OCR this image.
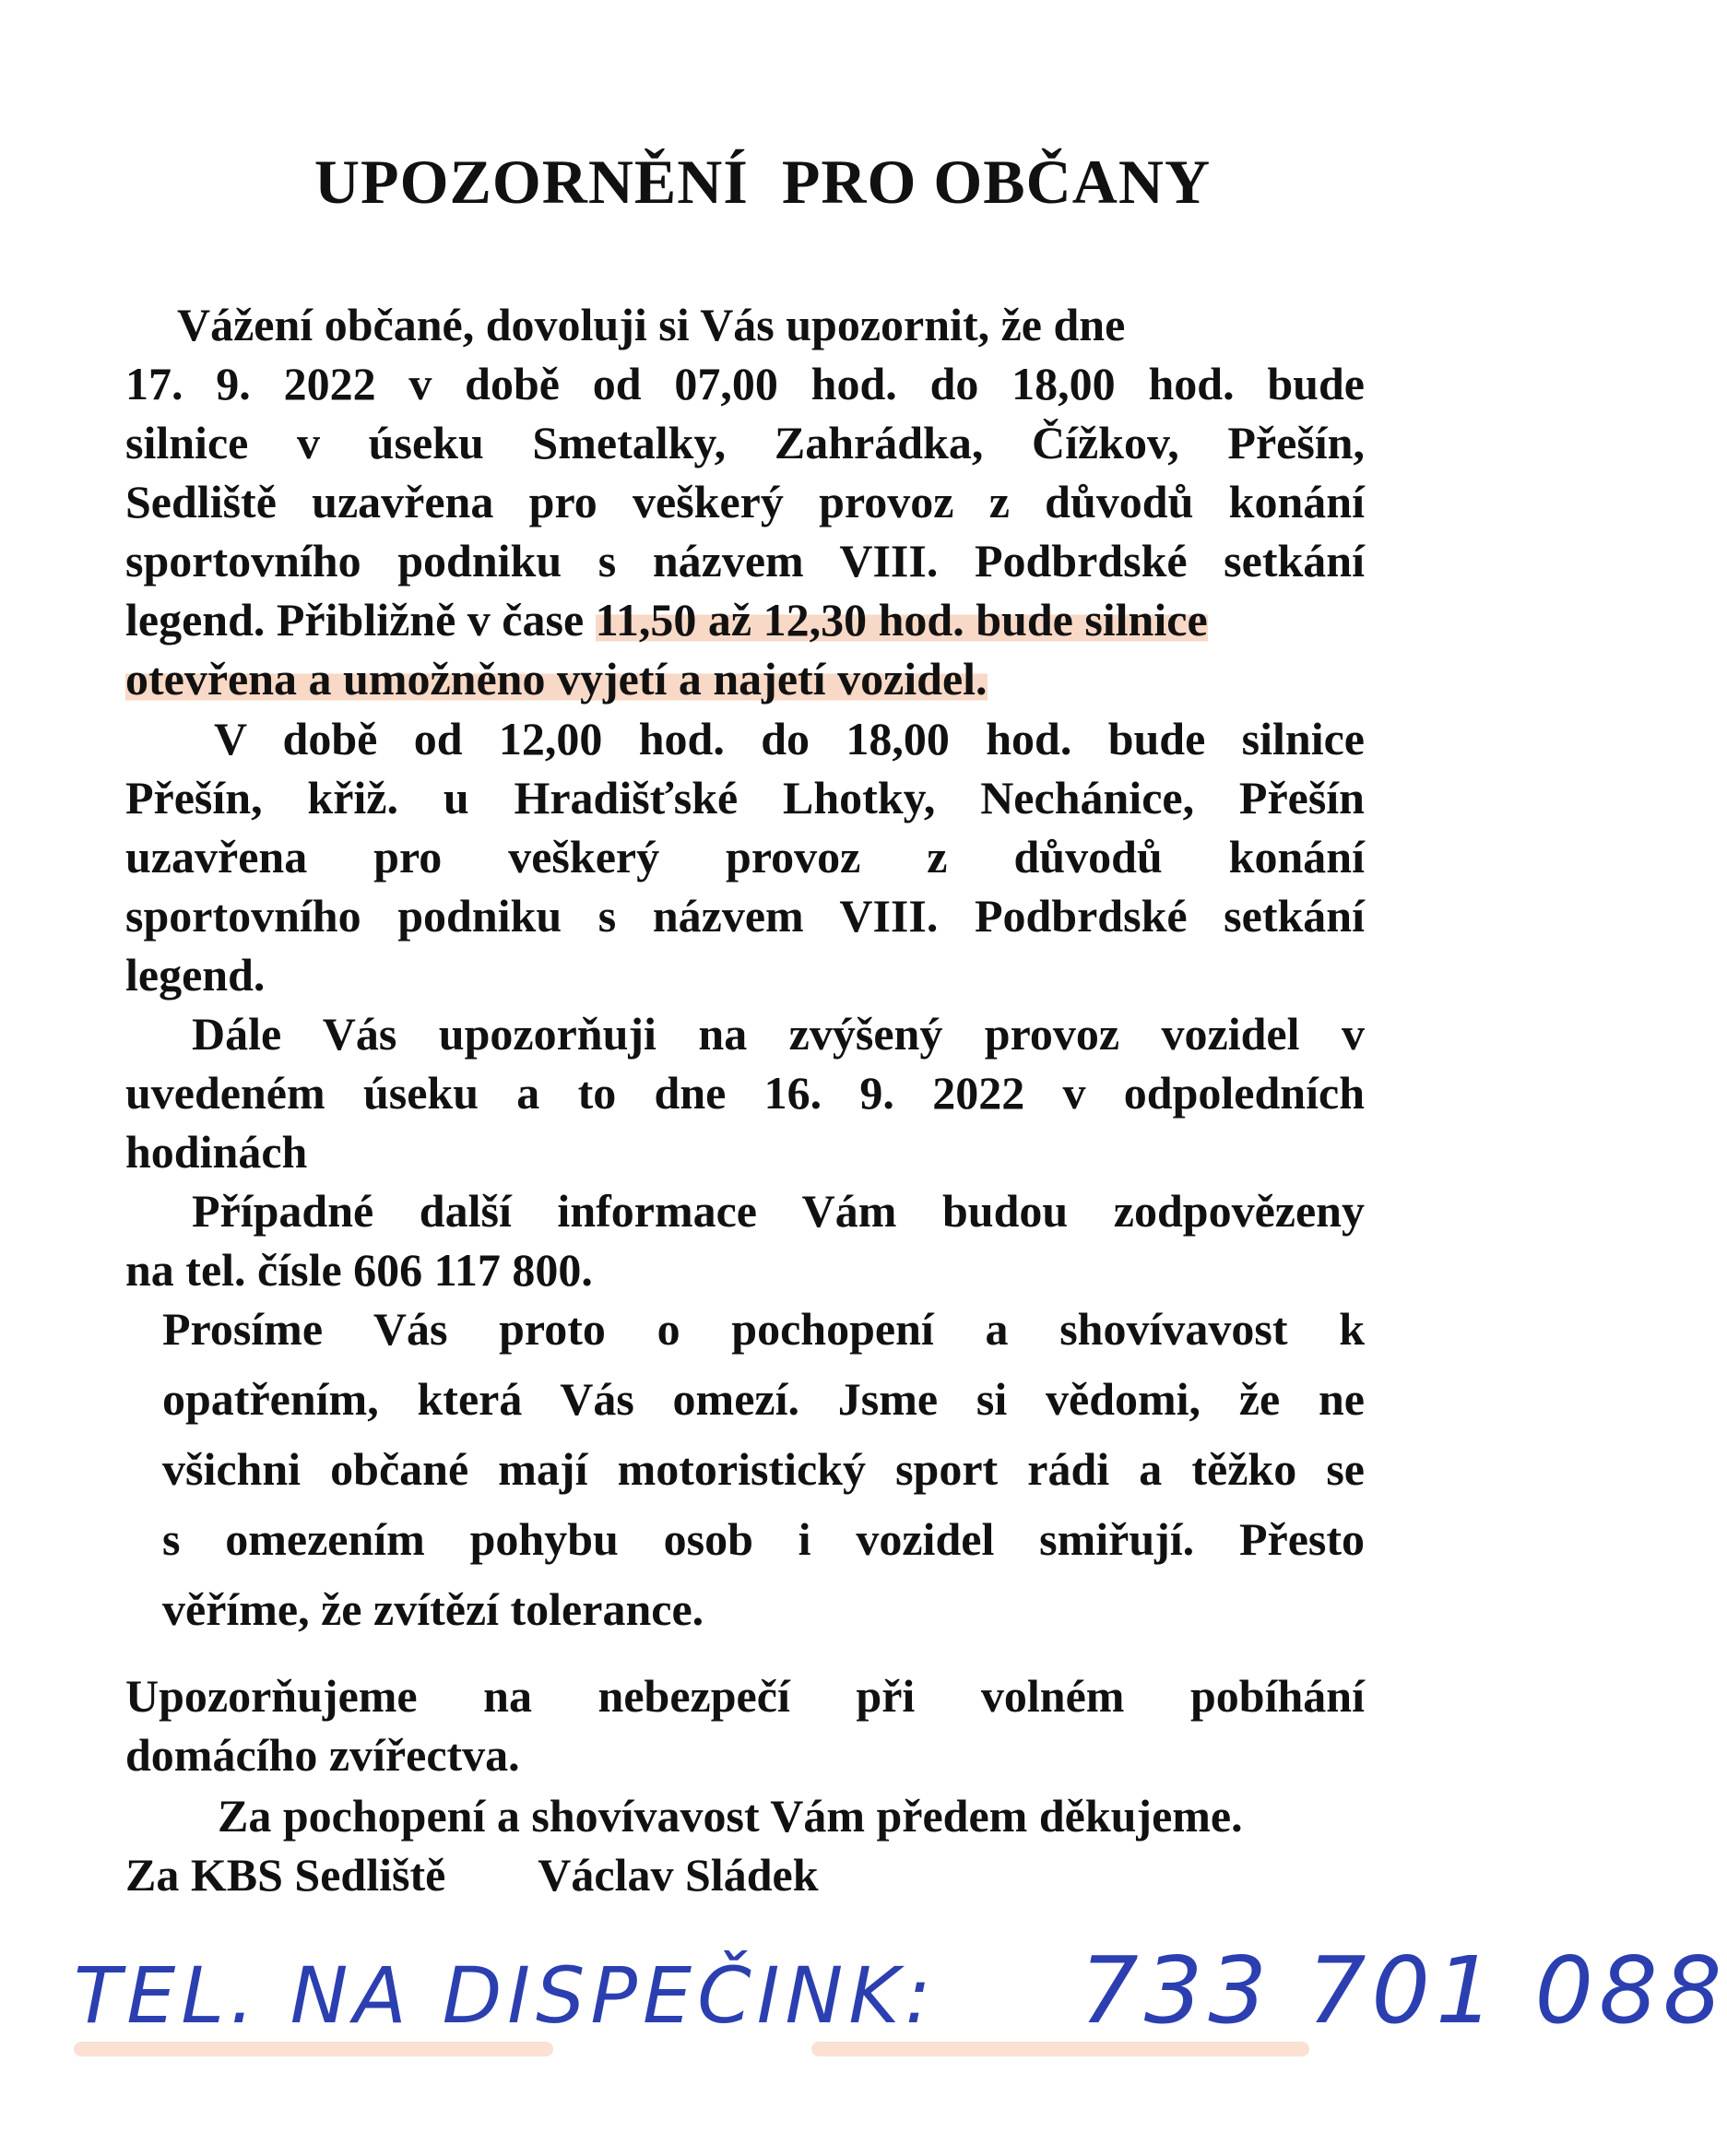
UPOZORNĚNÍ  PRO OBČANY
Vážení občané, dovoluji si Vás upozornit, že dne
17. 9. 2022 v době od 07,00 hod. do 18,00 hod. bude
silnice v úseku Smetalky, Zahrádka, Čížkov, Přešín,
Sedliště uzavřena pro veškerý provoz z důvodů konání
sportovního podniku s názvem VIII. Podbrdské setkání
legend. Přibližně v čase 11,50 až 12,30 hod. bude silnice
otevřena a umožněno vyjetí a najetí vozidel.
V době od 12,00 hod. do 18,00 hod. bude silnice
Přešín, křiž. u Hradišťské Lhotky, Nechánice, Přešín
uzavřena pro veškerý provoz z důvodů konání
sportovního podniku s názvem VIII. Podbrdské setkání
legend.
Dále Vás upozorňuji na zvýšený provoz vozidel v
uvedeném úseku a to dne 16. 9. 2022 v odpoledních
hodinách
Případné další informace Vám budou zodpovězeny
na tel. čísle 606 117 800.
Prosíme Vás proto o pochopení a shovívavost k
opatřením, která Vás omezí. Jsme si vědomi, že ne
všichni občané mají motoristický sport rádi a těžko se
s omezením pohybu osob i vozidel smiřují. Přesto
věříme, že zvítězí tolerance.
Upozorňujeme na nebezpečí při volném pobíhání
domácího zvířectva.
Za pochopení a shovívavost Vám předem děkujeme.
Za KBS Sedliště Václav Sládek
TEL. NA DISPEČINK: 733 701 088
